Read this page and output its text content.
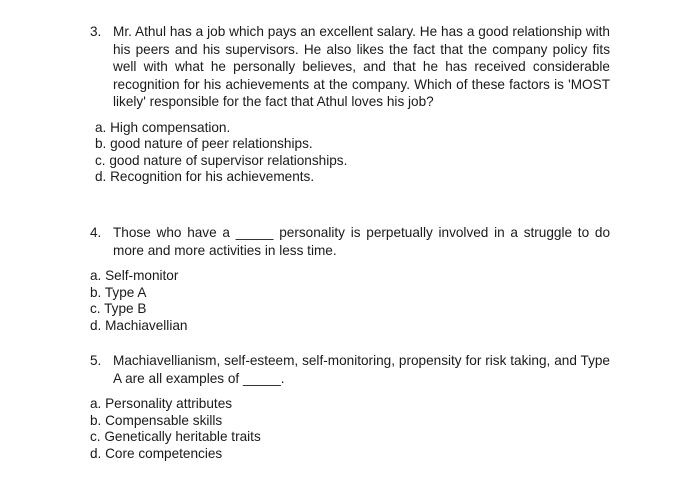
3. Mr. Athul has a job which pays an excellent salary. He has a good relationship with his peers and his supervisors. He also likes the fact that the company policy fits well with what he personally believes, and that he has received considerable recognition for his achievements at the company. Which of these factors is 'MOST likely' responsible for the fact that Athul loves his job?
a. High compensation.
b. good nature of peer relationships.
c. good nature of supervisor relationships.
d. Recognition for his achievements.
4. Those who have a _____ personality is perpetually involved in a struggle to do more and more activities in less time.
a. Self-monitor
b. Type A
c. Type B
d. Machiavellian
5. Machiavellianism, self-esteem, self-monitoring, propensity for risk taking, and Type A are all examples of _____.
a. Personality attributes
b. Compensable skills
c. Genetically heritable traits
d. Core competencies
